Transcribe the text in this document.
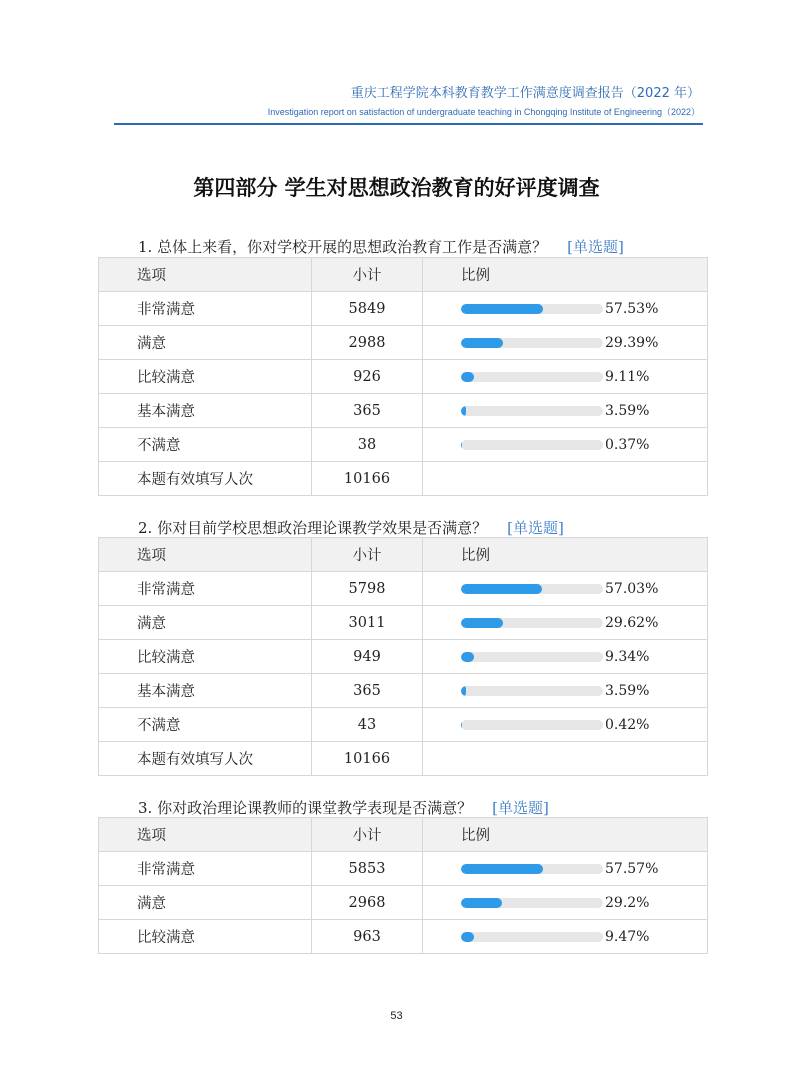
重庆工程学院本科教育教学工作满意度调查报告（2022 年）
Investigation report on satisfaction of undergraduate teaching in Chongqing Institute of Engineering（2022）
第四部分 学生对思想政治教育的好评度调查
1. 总体上来看，你对学校开展的思想政治教育工作是否满意？ [单选题]
选项	小计	比例
非常满意	5849	57.53%

满意	2988	29.39%

比较满意	926	9.11%

基本满意	365	3.59%

不满意	38	0.37%

本题有效填写人次	10166	
2. 你对目前学校思想政治理论课教学效果是否满意？ [单选题]
选项	小计	比例
非常满意	5798	57.03%

满意	3011	29.62%

比较满意	949	9.34%

基本满意	365	3.59%

不满意	43	0.42%

本题有效填写人次	10166	
3. 你对政治理论课教师的课堂教学表现是否满意？ [单选题]
选项	小计	比例
非常满意	5853	57.57%

满意	2968	29.2%

比较满意	963	9.47%
53
